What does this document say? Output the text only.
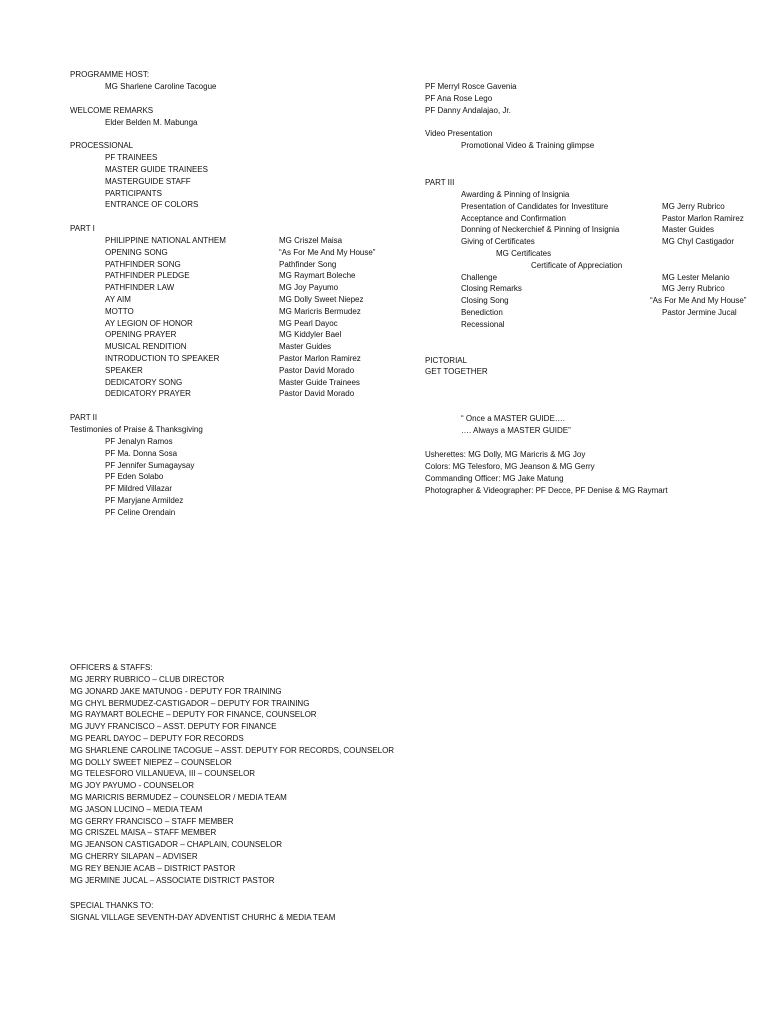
PROGRAMME HOST:
MG Sharlene Caroline Tacogue
WELCOME REMARKS
Elder Belden M. Mabunga
PROCESSIONAL
PF TRAINEES
MASTER GUIDE TRAINEES
MASTERGUIDE STAFF
PARTICIPANTS
ENTRANCE OF COLORS
PART I
PHILIPPINE NATIONAL ANTHEM	MG Criszel Maisa
OPENING SONG	“As For Me And My House”
PATHFINDER SONG	Pathfinder Song
PATHFINDER PLEDGE	MG Raymart Boleche
PATHFINDER LAW	MG Joy Payumo
AY AIM	MG Dolly Sweet Niepez
MOTTO	MG Maricris Bermudez
AY LEGION OF HONOR	MG Pearl Dayoc
OPENING PRAYER	MG Kiddyler Bael
MUSICAL RENDITION	Master Guides
INTRODUCTION TO SPEAKER	Pastor Marlon Ramirez
SPEAKER	Pastor David Morado
DEDICATORY SONG	Master Guide Trainees
DEDICATORY PRAYER	Pastor David Morado
PART II
Testimonies of Praise & Thanksgiving
PF Jenalyn Ramos
PF Ma. Donna Sosa
PF Jennifer Sumagaysay
PF Eden Solabo
PF Mildred Villazar
PF Maryjane Armildez
PF Celine Orendain
PF Merryl Rosce Gavenia
PF Ana Rose Lego
PF Danny Andalajao, Jr.
Video Presentation
Promotional Video & Training glimpse
PART III
Awarding & Pinning of Insignia
Presentation of Candidates for Investiture	MG Jerry Rubrico
Acceptance and Confirmation	Pastor Marlon Ramirez
Donning of Neckerchief & Pinning of Insignia	Master Guides
Giving of Certificates	MG Chyl Castigador
MG Certificates
Certificate of Appreciation
Challenge	MG Lester Melanio
Closing Remarks	MG Jerry Rubrico
Closing Song	“As For Me And My House”
Benediction	Pastor Jermine Jucal
Recessional
PICTORIAL
GET TOGETHER
“ Once a MASTER GUIDE….
…. Always a MASTER GUIDE”
Usherettes: MG Dolly, MG Maricris & MG Joy
Colors: MG Telesforo, MG Jeanson & MG Gerry
Commanding Officer: MG Jake Matung
Photographer & Videographer: PF Decce, PF Denise & MG Raymart
OFFICERS & STAFFS:
MG JERRY RUBRICO – CLUB DIRECTOR
MG JONARD JAKE MATUNOG - DEPUTY FOR TRAINING
MG CHYL BERMUDEZ-CASTIGADOR – DEPUTY FOR TRAINING
MG RAYMART BOLECHE – DEPUTY FOR FINANCE, COUNSELOR
MG JUVY FRANCISCO – ASST. DEPUTY FOR FINANCE
MG PEARL DAYOC – DEPUTY FOR RECORDS
MG SHARLENE CAROLINE TACOGUE – ASST. DEPUTY FOR RECORDS, COUNSELOR
MG DOLLY SWEET NIEPEZ – COUNSELOR
MG TELESFORO VILLANUEVA, III – COUNSELOR
MG JOY PAYUMO - COUNSELOR
MG MARICRIS BERMUDEZ – COUNSELOR / MEDIA TEAM
MG JASON LUCINO – MEDIA TEAM
MG GERRY FRANCISCO – STAFF MEMBER
MG CRISZEL MAISA – STAFF MEMBER
MG JEANSON CASTIGADOR – CHAPLAIN, COUNSELOR
MG CHERRY SILAPAN – ADVISER
MG REY BENJIE ACAB – DISTRICT PASTOR
MG JERMINE JUCAL – ASSOCIATE DISTRICT PASTOR
SPECIAL THANKS TO:
SIGNAL VILLAGE SEVENTH-DAY ADVENTIST CHURHC & MEDIA TEAM
